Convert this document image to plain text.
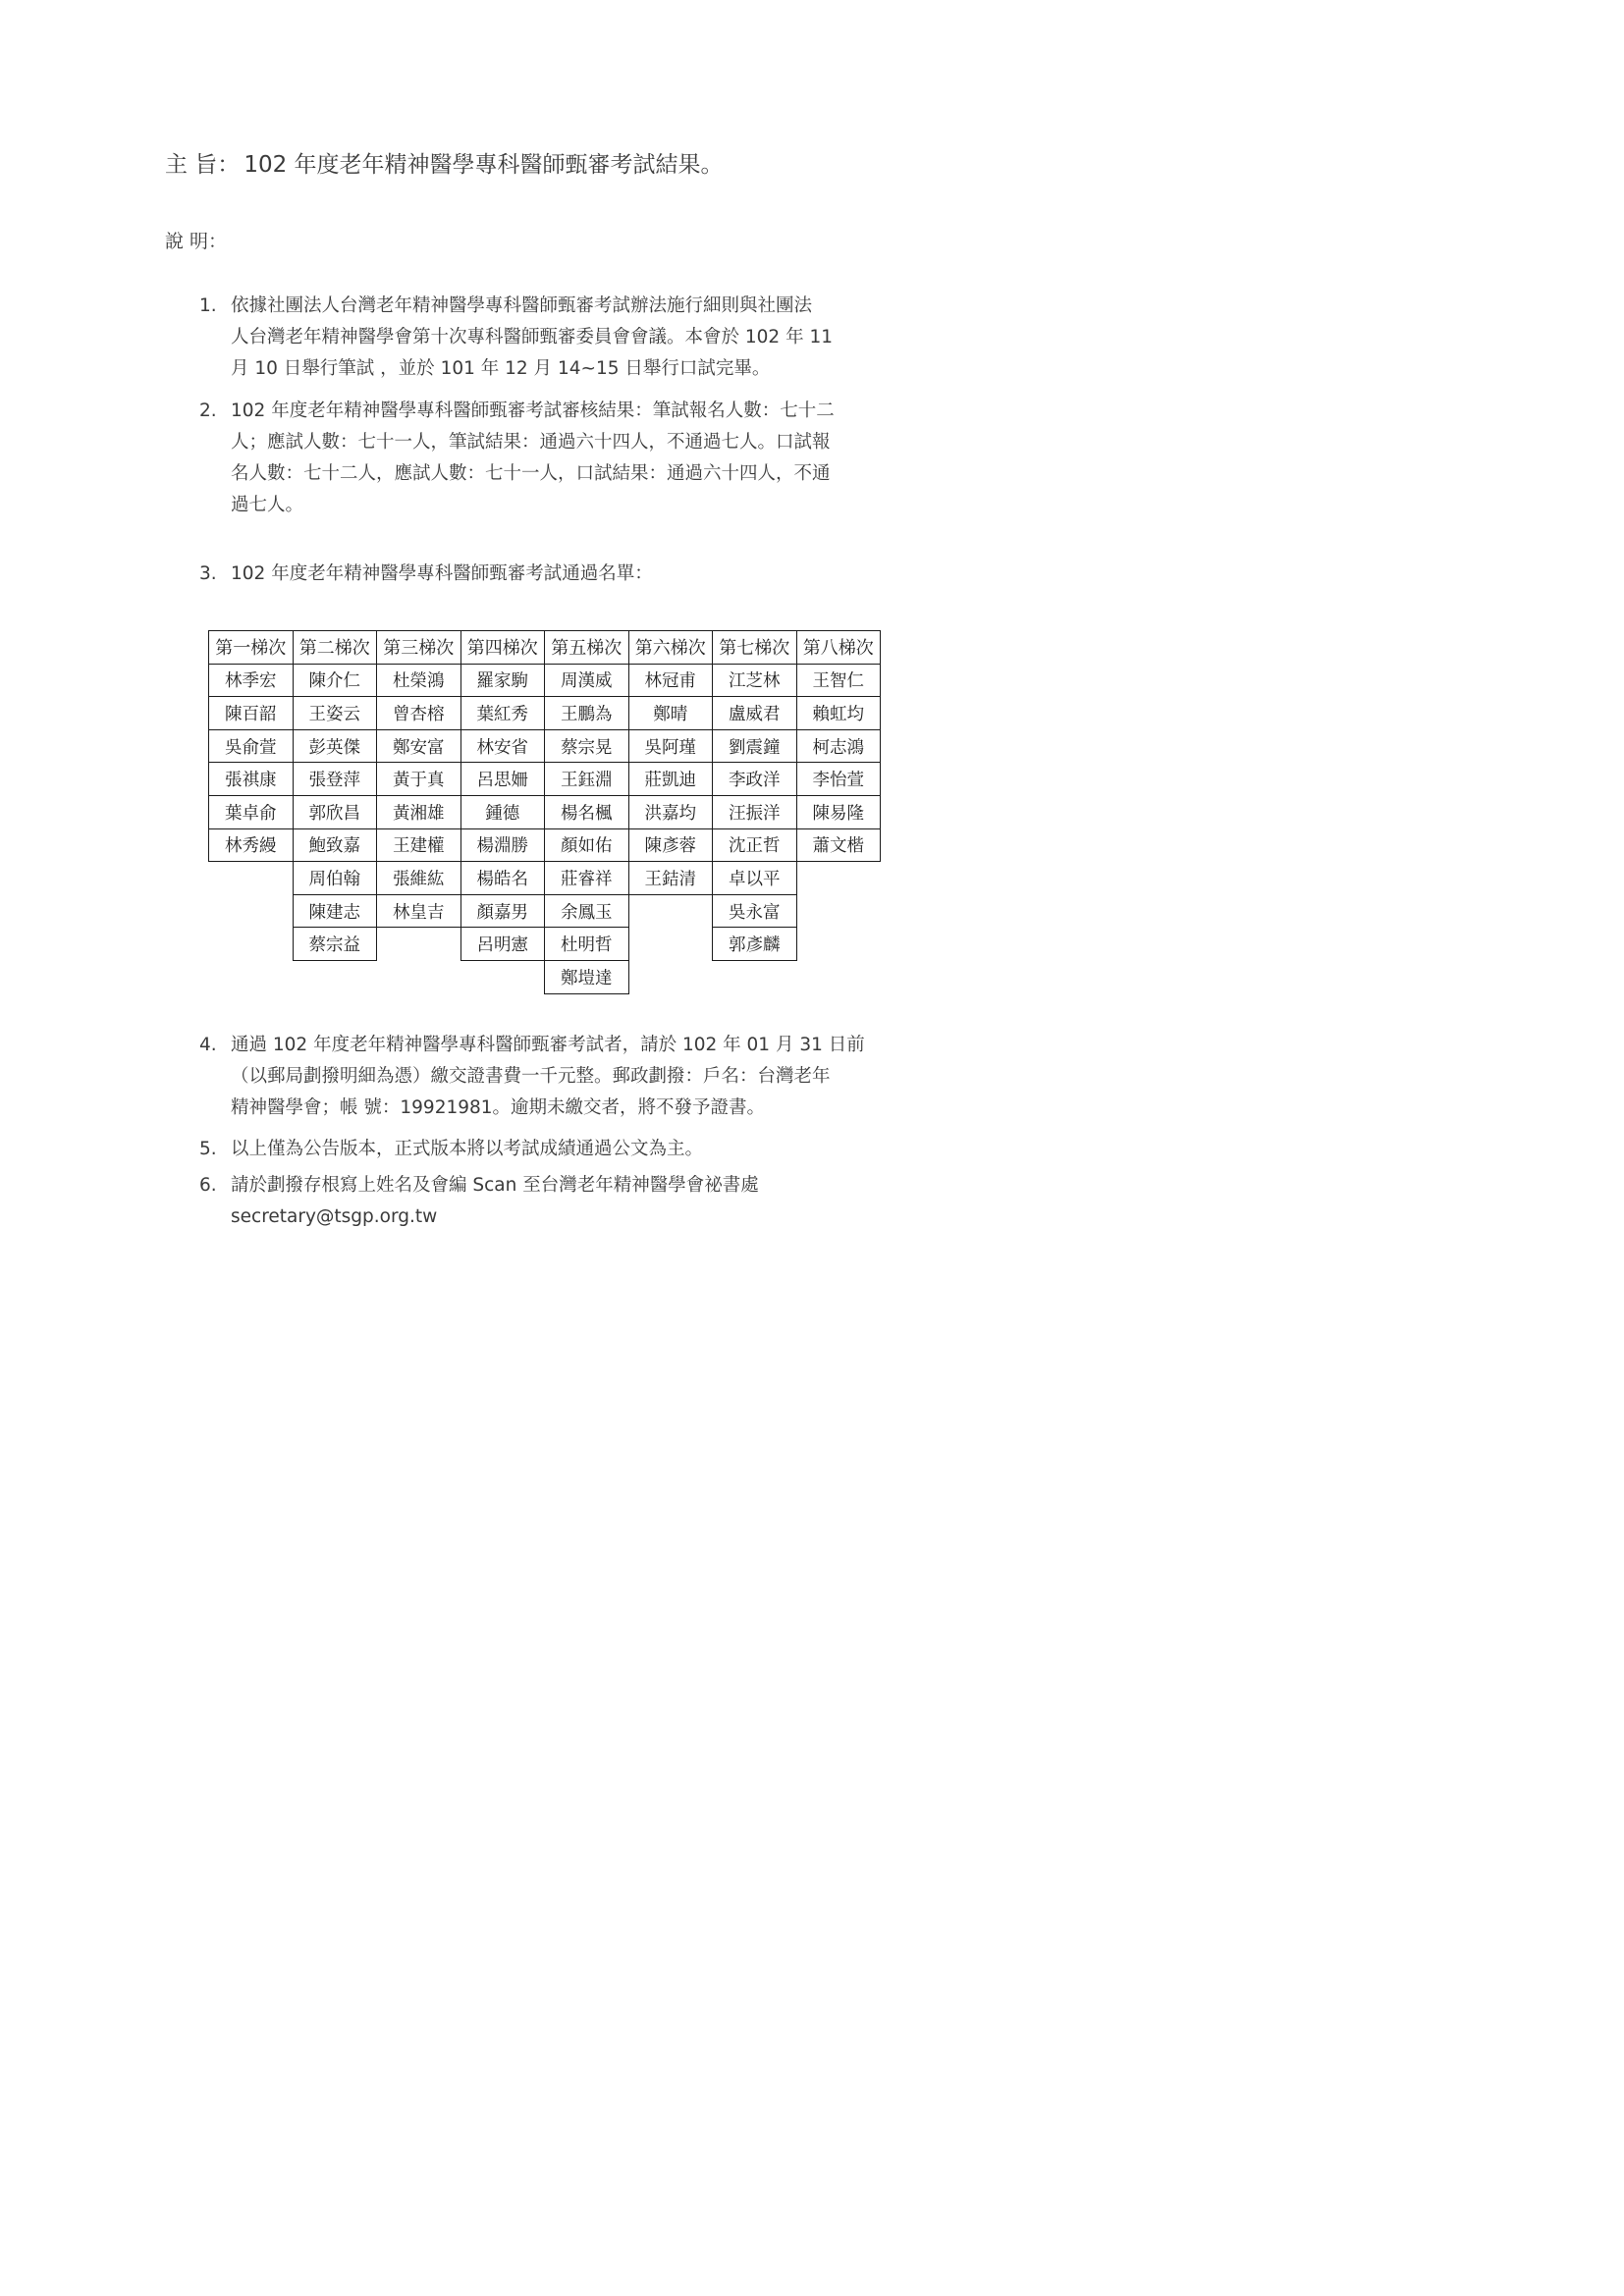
主 旨： 102 年度老年精神醫學專科醫師甄審考試結果。
說 明：
1. 依據社團法人台灣老年精神醫學專科醫師甄審考試辦法施行細則與社團法
人台灣老年精神醫學會第十次專科醫師甄審委員會會議。本會於 102 年 11
月 10 日舉行筆試 ，並於 101 年 12 月 14~15 日舉行口試完畢。
2. 102 年度老年精神醫學專科醫師甄審考試審核結果：筆試報名人數：七十二
人；應試人數：七十一人，筆試結果：通過六十四人，不通過七人。口試報
名人數：七十二人，應試人數：七十一人，口試結果：通過六十四人，不通
過七人。
3. 102 年度老年精神醫學專科醫師甄審考試通過名單：
第一梯次
林季宏
陳百韶
吳俞萱
張祺康
葉卓俞
林秀縵
第二梯次
陳介仁
王姿云
彭英傑
張登萍
郭欣昌
鮑致嘉
周伯翰
陳建志
蔡宗益
第三梯次
杜榮鴻
曾杏榕
鄭安富
黃于真
黃湘雄
王建權
張維紘
林皇吉
第四梯次
羅家駒
葉紅秀
林安省
呂思姍
鍾德
楊淵勝
楊皓名
顏嘉男
呂明憲
第五梯次
周漢威
王鵬為
蔡宗晃
王鈺淵
楊名楓
顏如佑
莊睿祥
余鳳玉
杜明哲
鄭塏達
第六梯次
林冠甫
鄭晴
吳阿瑾
莊凱迪
洪嘉均
陳彥蓉
王銡清
第七梯次
江芝林
盧威君
劉震鐘
李政洋
汪振洋
沈正哲
卓以平
吳永富
郭彥麟
第八梯次
王智仁
賴虹均
柯志鴻
李怡萱
陳易隆
蕭文楷
4. 通過 102 年度老年精神醫學專科醫師甄審考試者，請於 102 年 01 月 31 日前
（以郵局劃撥明細為憑）繳交證書費一千元整。郵政劃撥：戶名：台灣老年
精神醫學會；帳 號：19921981。逾期未繳交者，將不發予證書。
5. 以上僅為公告版本，正式版本將以考試成績通過公文為主。
6. 請於劃撥存根寫上姓名及會編 Scan 至台灣老年精神醫學會祕書處
secretary@tsgp.org.tw
